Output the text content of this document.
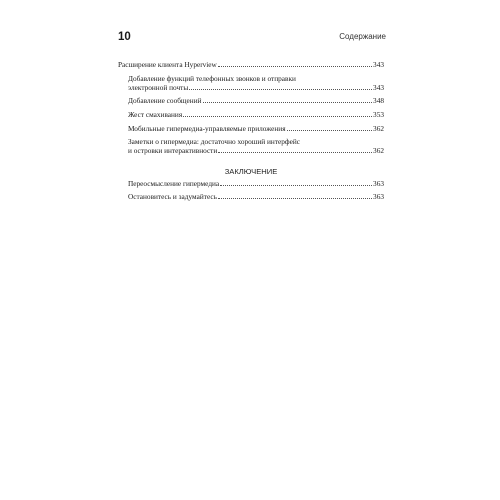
10	Содержание
Расширение клиента Hyperview	343
Добавление функций телефонных звонков и отправки
электронной почты	343
Добавление сообщений	348
Жест смахивания	353
Мобильные гипермедиа-управляемые приложения	362
Заметки о гипермедиа: достаточно хороший интерфейс
и островки интерактивности	362
ЗАКЛЮЧЕНИЕ
Переосмысление гипермедиа	363
Остановитесь и задумайтесь	363
